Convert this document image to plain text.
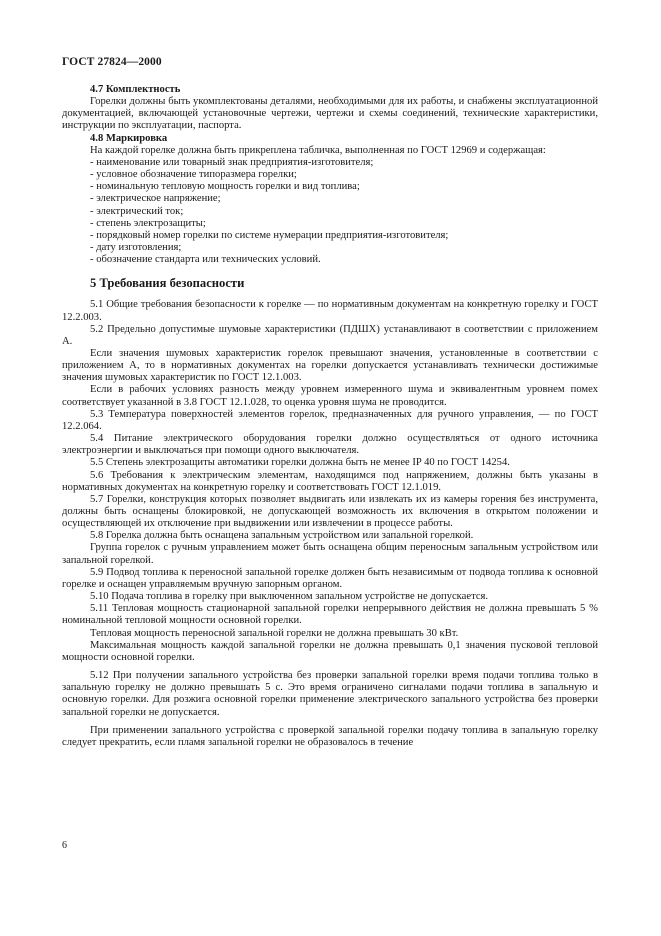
ГОСТ 27824—2000

4.7 Комплектность

Горелки должны быть укомплектованы деталями, необходимыми для их работы, и снабжены эксплуатационной документацией, включающей установочные чертежи, чертежи и схемы соединений, технические характеристики, инструкции по эксплуатации, паспорта.

4.8 Маркировка

На каждой горелке должна быть прикреплена табличка, выполненная по ГОСТ 12969 и содержащая:

- наименование или товарный знак предприятия-изготовителя;
- условное обозначение типоразмера горелки;
- номинальную тепловую мощность горелки и вид топлива;
- электрическое напряжение;
- электрический ток;
- степень электрозащиты;
- порядковый номер горелки по системе нумерации предприятия-изготовителя;
- дату изготовления;
- обозначение стандарта или технических условий.
5 Требования безопасности

5.1 Общие требования безопасности к горелке — по нормативным документам на конкретную горелку и ГОСТ 12.2.003.

5.2 Предельно допустимые шумовые характеристики (ПДШХ) устанавливают в соответствии с приложением А.

Если значения шумовых характеристик горелок превышают значения, установленные в соответствии с приложением А, то в нормативных документах на горелки допускается устанавливать технически достижимые значения шумовых характеристик по ГОСТ 12.1.003.

Если в рабочих условиях разность между уровнем измеренного шума и эквивалентным уровнем помех соответствует указанной в 3.8 ГОСТ 12.1.028, то оценка уровня шума не проводится.

5.3 Температура поверхностей элементов горелок, предназначенных для ручного управления, — по ГОСТ 12.2.064.

5.4 Питание электрического оборудования горелки должно осуществляться от одного источника электроэнергии и выключаться при помощи одного выключателя.

5.5 Степень электрозащиты автоматики горелки должна быть не менее IP 40 по ГОСТ 14254.

5.6 Требования к электрическим элементам, находящимся под напряжением, должны быть указаны в нормативных документах на конкретную горелку и соответствовать ГОСТ 12.1.019.

5.7 Горелки, конструкция которых позволяет выдвигать или извлекать их из камеры горения без инструмента, должны быть оснащены блокировкой, не допускающей возможность их включения в открытом положении и осуществляющей их отключение при выдвижении или извлечении в процессе работы.

5.8 Горелка должна быть оснащена запальным устройством или запальной горелкой.

Группа горелок с ручным управлением может быть оснащена общим переносным запальным устройством или запальной горелкой.

5.9 Подвод топлива к переносной запальной горелке должен быть независимым от подвода топлива к основной горелке и оснащен управляемым вручную запорным органом.

5.10 Подача топлива в горелку при выключенном запальном устройстве не допускается.

5.11 Тепловая мощность стационарной запальной горелки непрерывного действия не должна превышать 5 % номинальной тепловой мощности основной горелки.

Тепловая мощность переносной запальной горелки не должна превышать 30 кВт.

Максимальная мощность каждой запальной горелки не должна превышать 0,1 значения пусковой тепловой мощности основной горелки.

5.12 При получении запального устройства без проверки запальной горелки время подачи топлива только в запальную горелку не должно превышать 5 с. Это время ограничено сигналами подачи топлива в запальную и основную горелки. Для розжига основной горелки применение электрического запального устройства без проверки запальной горелки не допускается.

При применении запального устройства с проверкой запальной горелки подачу топлива в запальную горелку следует прекратить, если пламя запальной горелки не образовалось в течение

6
